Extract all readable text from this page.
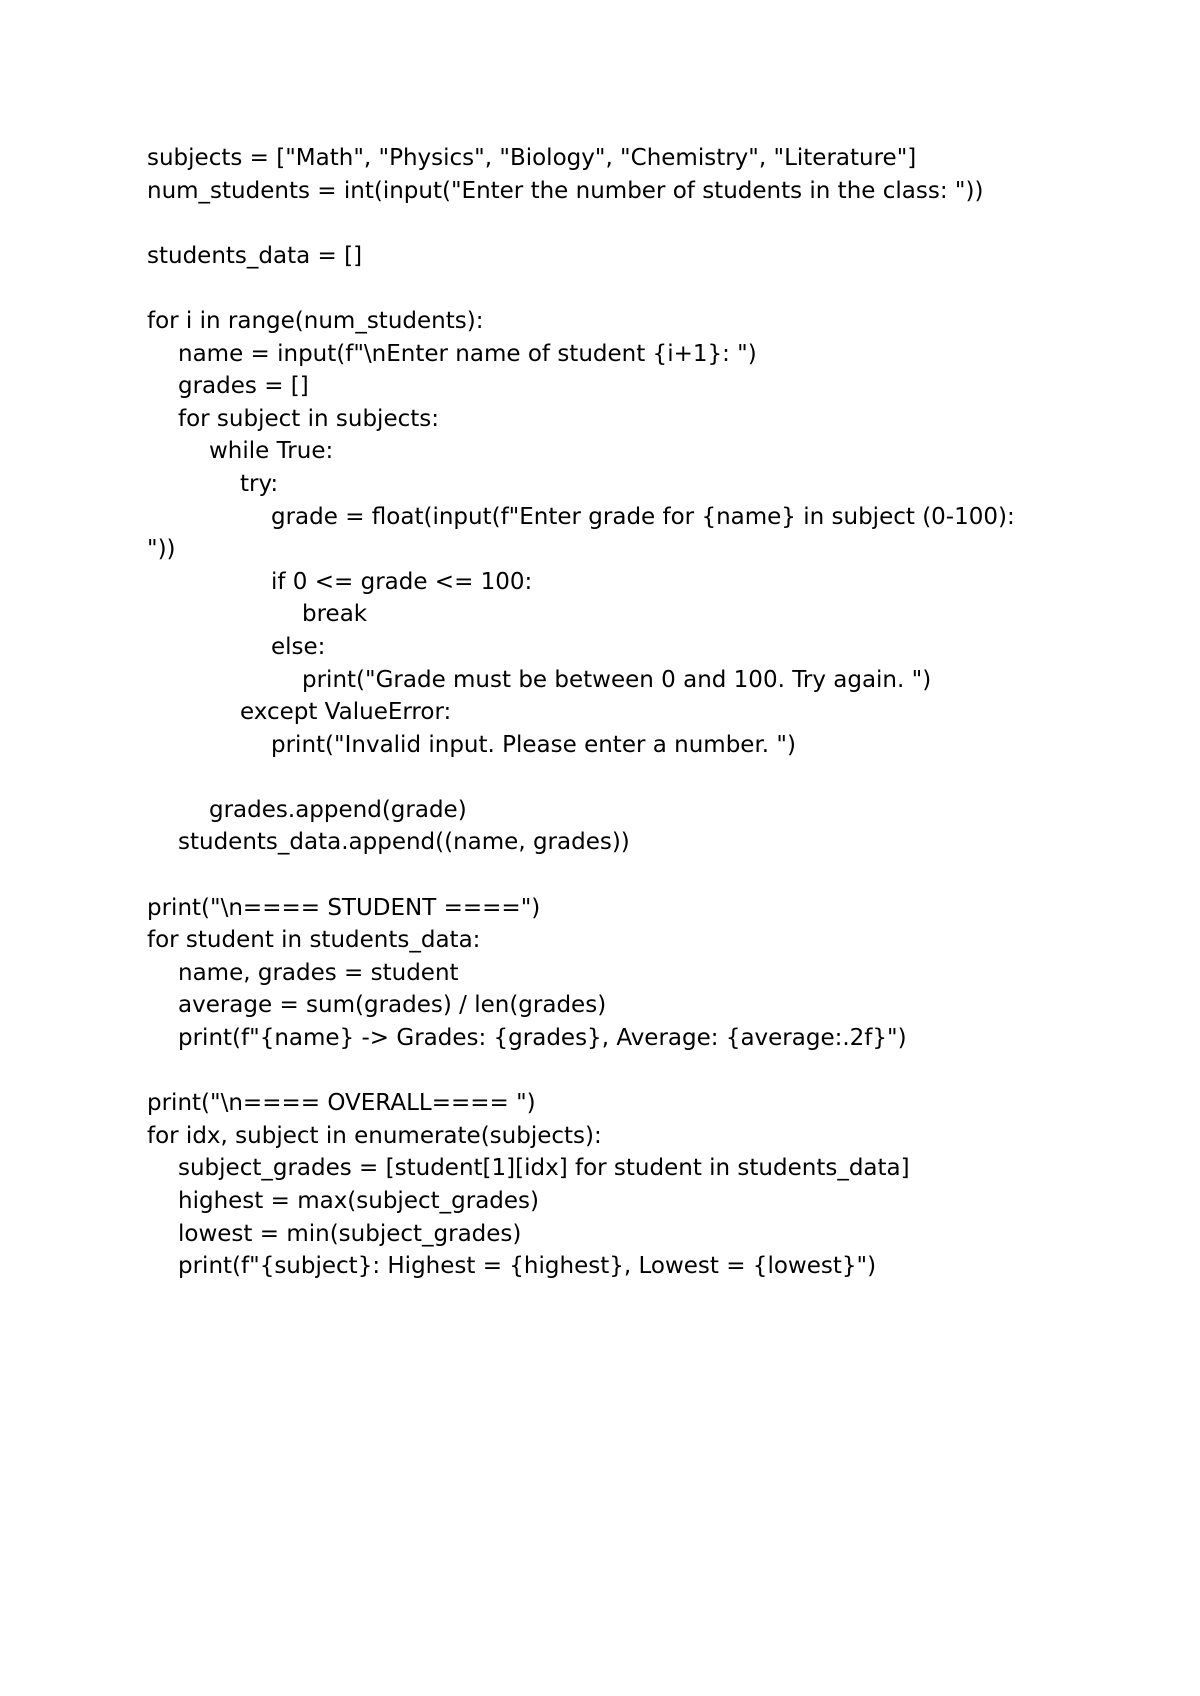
subjects = ["Math", "Physics", "Biology", "Chemistry", "Literature"]
num_students = int(input("Enter the number of students in the class: "))
students_data = []
for i in range(num_students):
name = input(f"\nEnter name of student {i+1}: ")
grades = []
for subject in subjects:
while True:
try:
grade = float(input(f"Enter grade for {name} in subject (0-100):
"))
if 0 <= grade <= 100:
break
else:
print("Grade must be between 0 and 100. Try again. ")
except ValueError:
print("Invalid input. Please enter a number. ")
grades.append(grade)
students_data.append((name, grades))
print("\n==== STUDENT ====")
for student in students_data:
name, grades = student
average = sum(grades) / len(grades)
print(f"{name} -> Grades: {grades}, Average: {average:.2f}")
print("\n==== OVERALL==== ")
for idx, subject in enumerate(subjects):
subject_grades = [student[1][idx] for student in students_data]
highest = max(subject_grades)
lowest = min(subject_grades)
print(f"{subject}: Highest = {highest}, Lowest = {lowest}")
